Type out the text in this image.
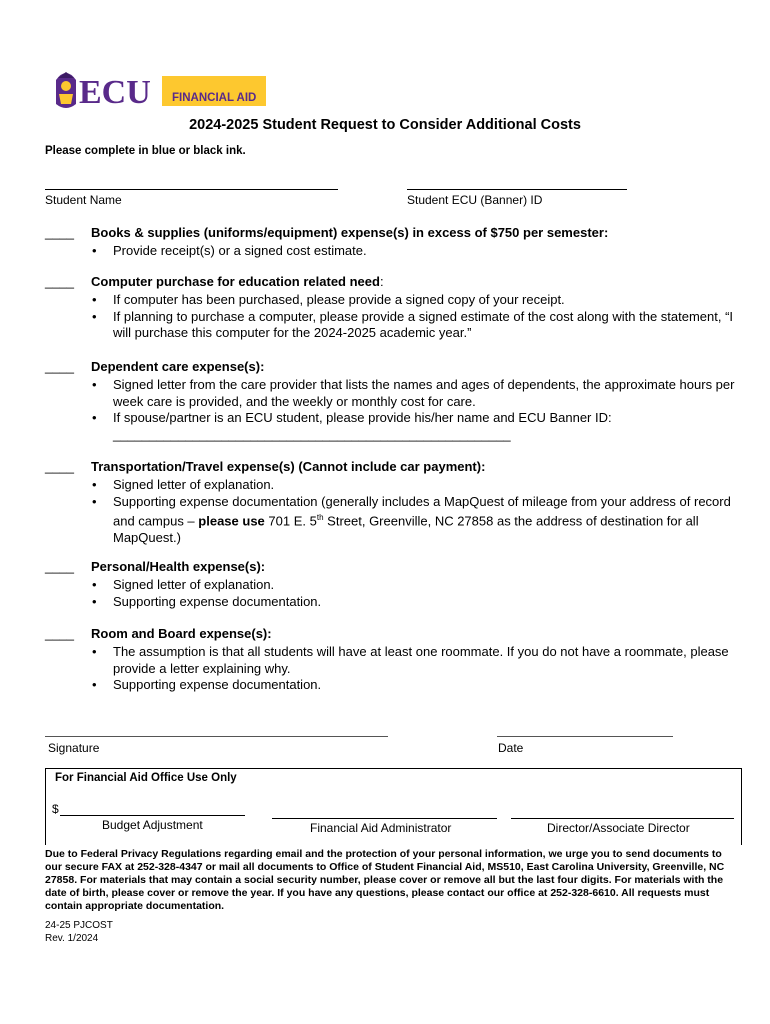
ECU FINANCIAL AID
2024-2025 Student Request to Consider Additional Costs
Please complete in blue or black ink.
Student Name	Student ECU (Banner) ID
____ Books & supplies (uniforms/equipment) expense(s) in excess of $750 per semester:
• Provide receipt(s) or a signed cost estimate.
____ Computer purchase for education related need:
• If computer has been purchased, please provide a signed copy of your receipt.
• If planning to purchase a computer, please provide a signed estimate of the cost along with the statement, “I will purchase this computer for the 2024-2025 academic year.”
____ Dependent care expense(s):
• Signed letter from the care provider that lists the names and ages of dependents, the approximate hours per week care is provided, and the weekly or monthly cost for care.
• If spouse/partner is an ECU student, please provide his/her name and ECU Banner ID:
_______________________________________________________
____ Transportation/Travel expense(s) (Cannot include car payment):
• Signed letter of explanation.
• Supporting expense documentation (generally includes a MapQuest of mileage from your address of record and campus – please use 701 E. 5th Street, Greenville, NC 27858 as the address of destination for all MapQuest.)
____ Personal/Health expense(s):
• Signed letter of explanation.
• Supporting expense documentation.
____ Room and Board expense(s):
• The assumption is that all students will have at least one roommate. If you do not have a roommate, please provide a letter explaining why.
• Supporting expense documentation.
Signature	Date
For Financial Aid Office Use Only
$
Budget Adjustment	Financial Aid Administrator	Director/Associate Director
Due to Federal Privacy Regulations regarding email and the protection of your personal information, we urge you to send documents to our secure FAX at 252-328-4347 or mail all documents to Office of Student Financial Aid, MS510, East Carolina University, Greenville, NC 27858. For materials that may contain a social security number, please cover or remove all but the last four digits. For materials with the date of birth, please cover or remove the year. If you have any questions, please contact our office at 252-328-6610. All requests must contain appropriate documentation.
24-25 PJCOST
Rev. 1/2024
